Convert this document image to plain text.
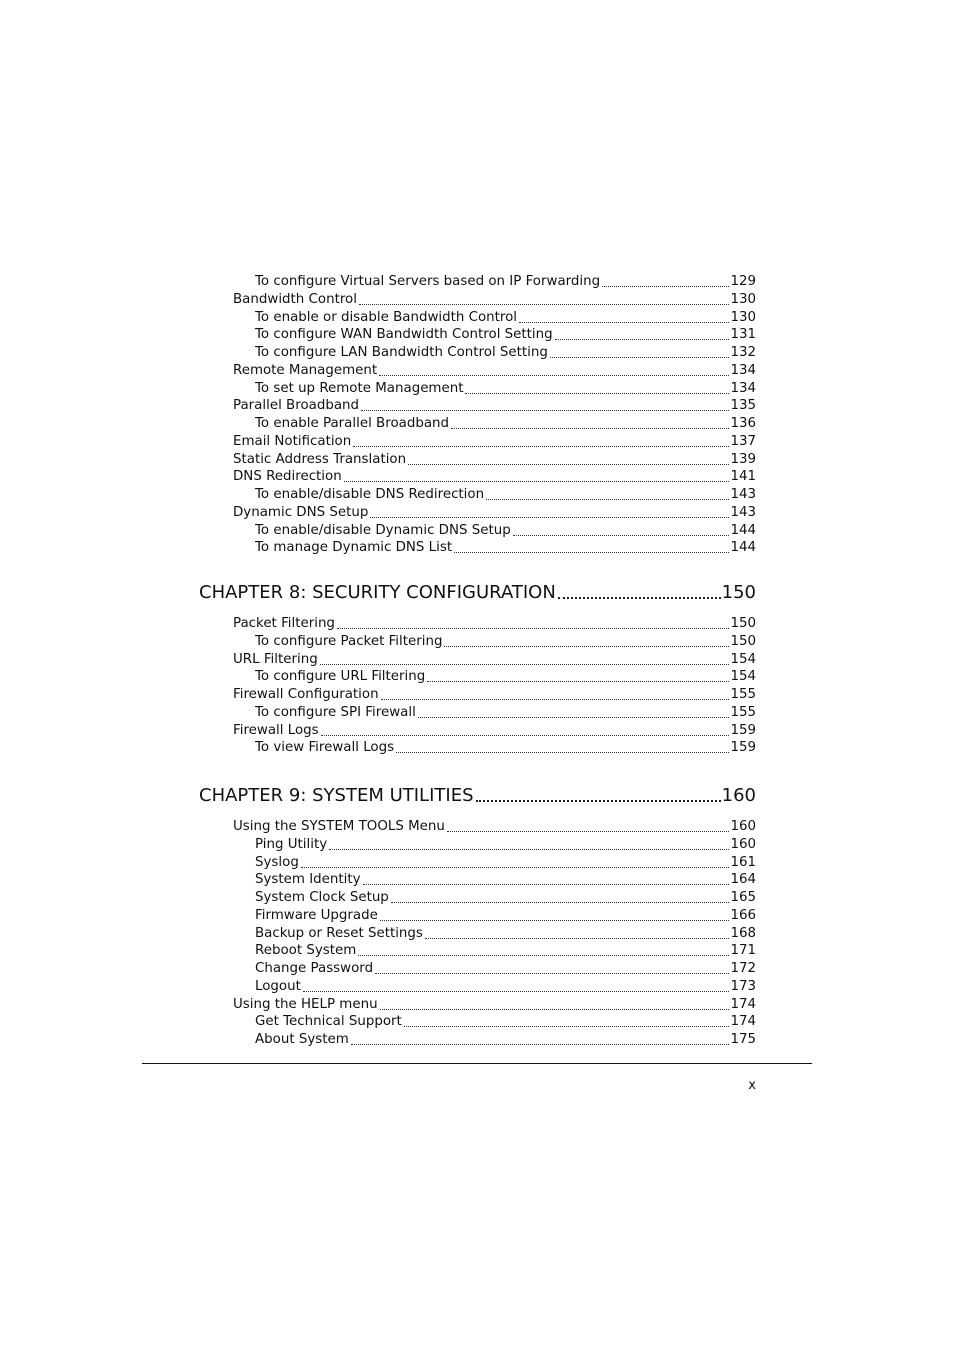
To configure Virtual Servers based on IP Forwarding	129
Bandwidth Control	130
To enable or disable Bandwidth Control	130
To configure WAN Bandwidth Control Setting	131
To configure LAN Bandwidth Control Setting	132
Remote Management	134
To set up Remote Management	134
Parallel Broadband	135
To enable Parallel Broadband	136
Email Notification	137
Static Address Translation	139
DNS Redirection	141
To enable/disable DNS Redirection	143
Dynamic DNS Setup	143
To enable/disable Dynamic DNS Setup	144
To manage Dynamic DNS List	144
CHAPTER 8: SECURITY CONFIGURATION	150
Packet Filtering	150
To configure Packet Filtering	150
URL Filtering	154
To configure URL Filtering	154
Firewall Configuration	155
To configure SPI Firewall	155
Firewall Logs	159
To view Firewall Logs	159
CHAPTER 9: SYSTEM UTILITIES	160
Using the SYSTEM TOOLS Menu	160
Ping Utility	160
Syslog	161
System Identity	164
System Clock Setup	165
Firmware Upgrade	166
Backup or Reset Settings	168
Reboot System	171
Change Password	172
Logout	173
Using the HELP menu	174
Get Technical Support	174
About System	175
x
